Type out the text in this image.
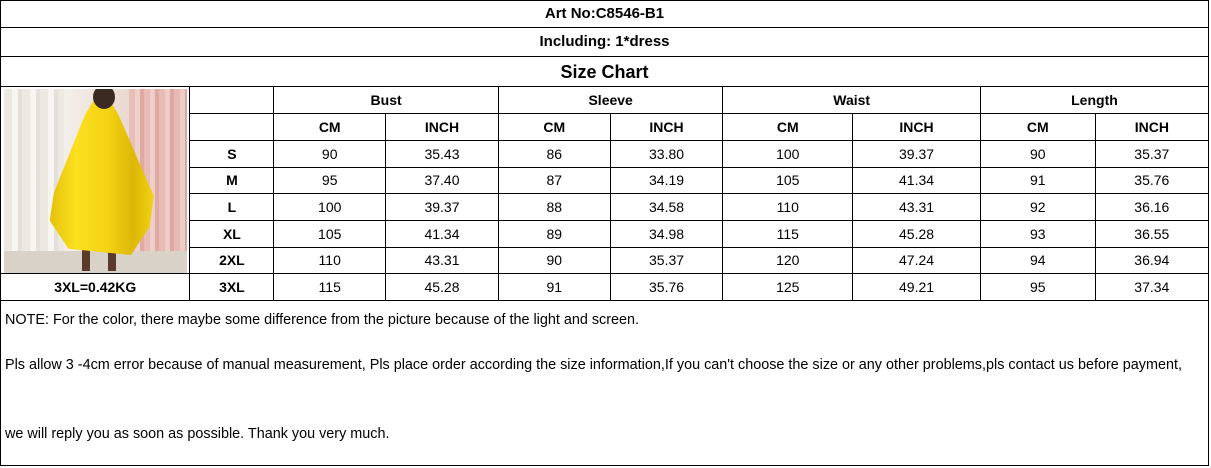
Art No:C8546-B1
Including: 1*dress
Size Chart
		Bust		Sleeve		Waist		Length	
		CM	INCH	CM	INCH	CM	INCH	CM	INCH
	S	90	35.43	86	33.80	100	39.37	90	35.37
	M	95	37.40	87	34.19	105	41.34	91	35.76
	L	100	39.37	88	34.58	110	43.31	92	36.16
	XL	105	41.34	89	34.98	115	45.28	93	36.55
	2XL	110	43.31	90	35.37	120	47.24	94	36.94
3XL=0.42KG	3XL	115	45.28	91	35.76	125	49.21	95	37.34

NOTE: For the color, there maybe some difference from the picture because of the light and screen.

Pls allow 3 -4cm error because of manual measurement, Pls place order according the size information,If you can't choose the size or any other problems,pls contact us before payment,

we will reply you as soon as possible. Thank you very much.
